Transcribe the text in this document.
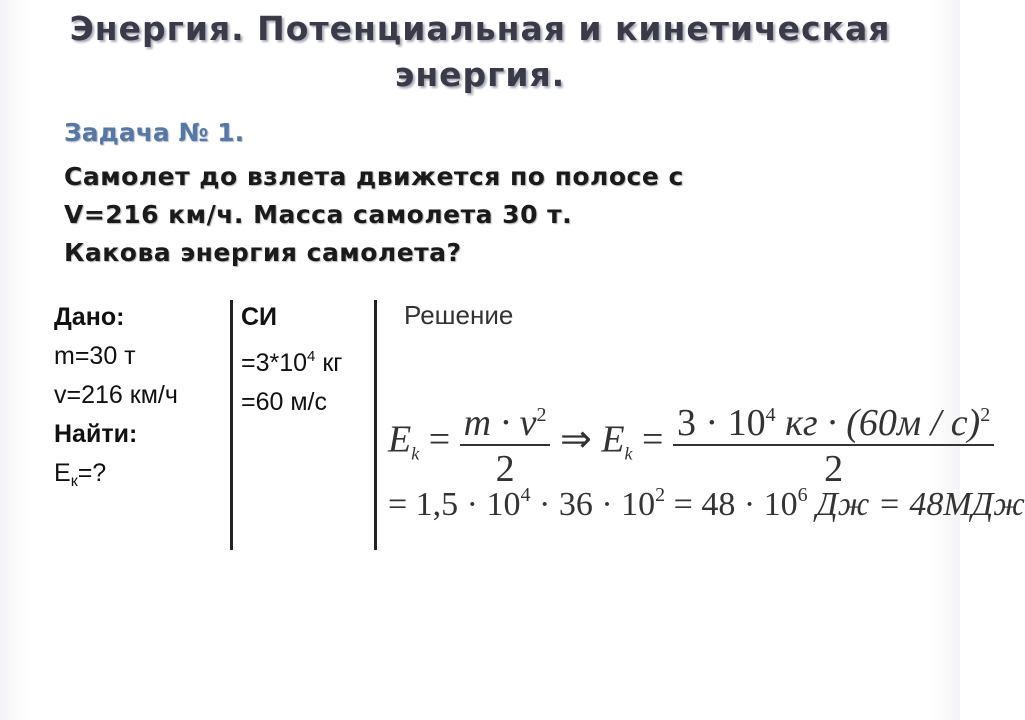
Энергия. Потенциальная и кинетическая
энергия.
Задача № 1.
Самолет до взлета движется по полосе с
V=216 км/ч. Масса самолета 30 т.
Какова энергия самолета?
Дано:
m=30 т
v=216 км/ч
Найти:
$E_к=$?
СИ
$=3*10^4$ кг
=60 м/с
Решение
$E_k = \frac{m \cdot v^2}{2}$ ⇒ $E_k = \frac{3 \cdot 10^4 кг \cdot (60м / с)^2}{2}$
= $1,5 \cdot 10^4 \cdot 36 \cdot 10^2 = 48 \cdot 10^6$ Дж = 48МДж
